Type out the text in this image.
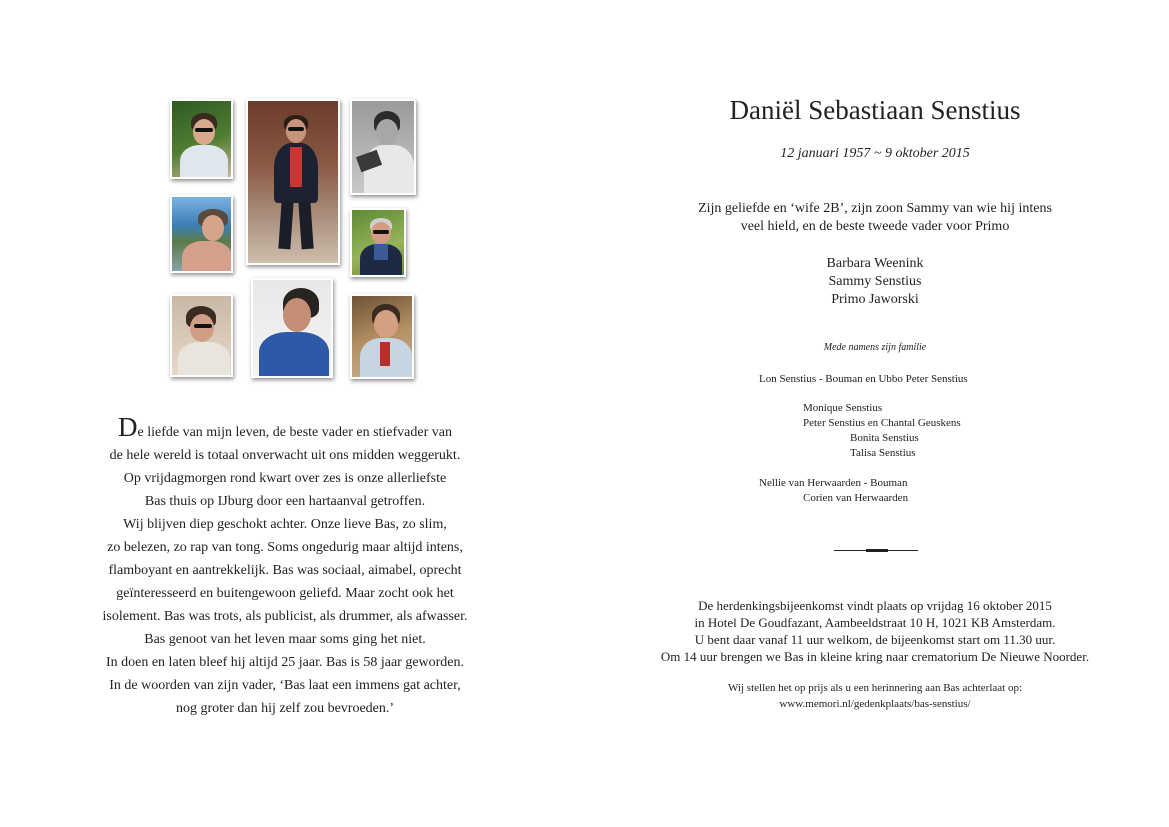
De liefde van mijn leven, de beste vader en stiefvader van
de hele wereld is totaal onverwacht uit ons midden weggerukt.
Op vrijdagmorgen rond kwart over zes is onze allerliefste
Bas thuis op IJburg door een hartaanval getroffen.
Wij blijven diep geschokt achter. Onze lieve Bas, zo slim,
zo belezen, zo rap van tong. Soms ongedurig maar altijd intens,
flamboyant en aantrekkelijk. Bas was sociaal, aimabel, oprecht
geïnteresseerd en buitengewoon geliefd. Maar zocht ook het
isolement. Bas was trots, als publicist, als drummer, als afwasser.
Bas genoot van het leven maar soms ging het niet.
In doen en laten bleef hij altijd 25 jaar. Bas is 58 jaar geworden.
In de woorden van zijn vader, ‘Bas laat een immens gat achter,
nog groter dan hij zelf zou bevroeden.’
Daniël Sebastiaan Senstius
12 januari 1957 ~ 9 oktober 2015
Zijn geliefde en ‘wife 2B’, zijn zoon Sammy van wie hij intens
veel hield, en de beste tweede vader voor Primo
Barbara Weenink
Sammy Senstius
Primo Jaworski
Mede namens zijn familie
Lon Senstius - Bouman en Ubbo Peter Senstius
Monique Senstius
Peter Senstius en Chantal Geuskens
Bonita Senstius
Talisa Senstius
Nellie van Herwaarden - Bouman
Corien van Herwaarden
De herdenkingsbijeenkomst vindt plaats op vrijdag 16 oktober 2015
in Hotel De Goudfazant, Aambeeldstraat 10 H, 1021 KB Amsterdam.
U bent daar vanaf 11 uur welkom, de bijeenkomst start om 11.30 uur.
Om 14 uur brengen we Bas in kleine kring naar crematorium De Nieuwe Noorder.
Wij stellen het op prijs als u een herinnering aan Bas achterlaat op:
www.memori.nl/gedenkplaats/bas-senstius/
